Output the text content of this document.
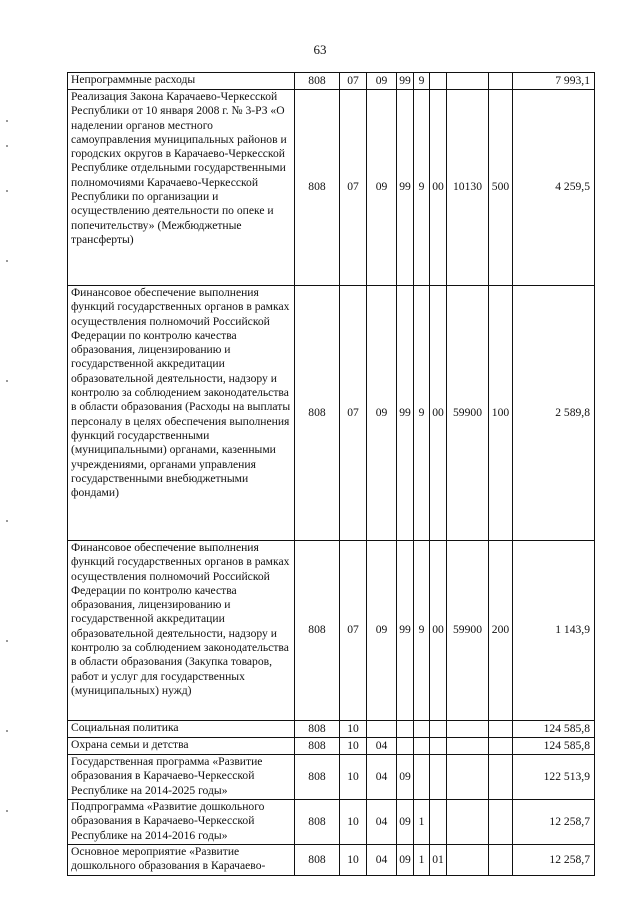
63
Непрограммные расходы	808	07	09	99	9				7 993,1
Реализация Закона Карачаево-Черкесской Республики от 10 января 2008 г. № 3-РЗ «О наделении органов местного самоуправления муниципальных районов и городских округов в Карачаево-Черкесской Республике отдельными государственными полномочиями Карачаево-Черкесской Республики по организации и осуществлению деятельности по опеке и попечительству» (Межбюджетные трансферты)	808	07	09	99	9	00	10130	500	4 259,5
Финансовое обеспечение выполнения функций государственных органов в рамках осуществления полномочий Российской Федерации по контролю качества образования, лицензированию и государственной аккредитации образовательной деятельности, надзору и контролю за соблюдением законодательства в области образования (Расходы на выплаты персоналу в целях обеспечения выполнения функций государственными (муниципальными) органами, казенными учреждениями, органами управления государственными внебюджетными фондами)	808	07	09	99	9	00	59900	100	2 589,8
Финансовое обеспечение выполнения функций государственных органов в рамках осуществления полномочий Российской Федерации по контролю качества образования, лицензированию и государственной аккредитации образовательной деятельности, надзору и контролю за соблюдением законодательства в области образования (Закупка товаров, работ и услуг для государственных (муниципальных) нужд)	808	07	09	99	9	00	59900	200	1 143,9
Социальная политика	808	10							124 585,8
Охрана семьи и детства	808	10	04						124 585,8
Государственная программа «Развитие образования в Карачаево-Черкесской Республике на 2014-2025 годы»	808	10	04	09					122 513,9
Подпрограмма «Развитие дошкольного образования в Карачаево-Черкесской Республике на 2014-2016 годы»	808	10	04	09	1				12 258,7
Основное мероприятие «Развитие дошкольного образования в Карачаево-	808	10	04	09	1	01			12 258,7
